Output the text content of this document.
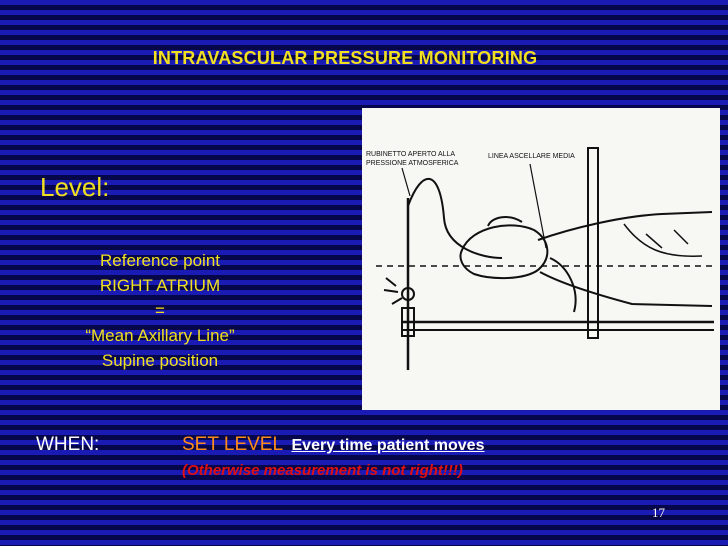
INTRAVASCULAR PRESSURE MONITORING
Level:
Reference point
RIGHT ATRIUM
=
“Mean Axillary Line”
Supine position
RUBINETTO APERTO ALLA
PRESSIONE ATMOSFERICA
LINEA ASCELLARE MEDIA
WHEN:	SET LEVEL Every time patient moves
(Otherwise measurement is not right!!!)
17
